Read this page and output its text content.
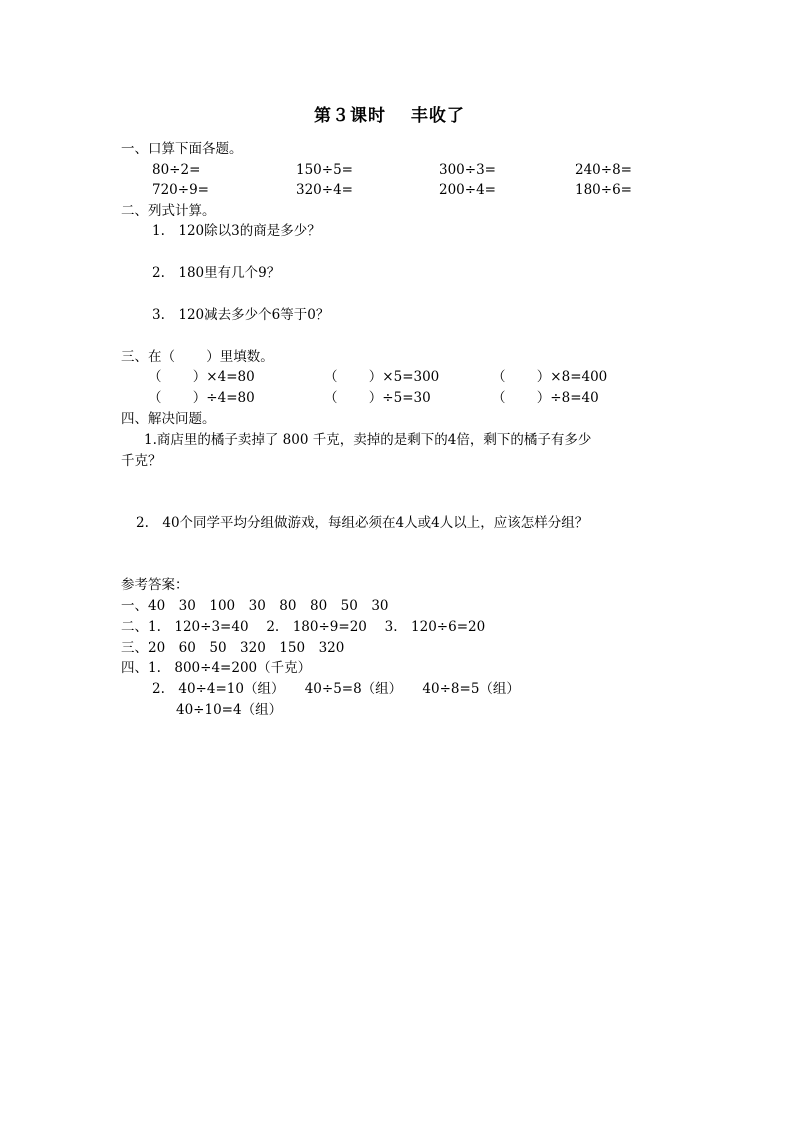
第３课时　 丰收了
一、口算下面各题。
80÷2=	150÷5=	300÷3=	240÷8=
720÷9=	320÷4=	200÷4=	180÷6=
二、列式计算。
1.　120除以3的商是多少？
2.　180里有几个9？
3.　120减去多少个6等于0？
三、在（　　 ）里填数。
（　　 ）×4=80	（　　 ）×5=300	（　　 ）×8=400
（　　 ）÷4=80	（　　 ）÷5=30	（　　 ）÷8=40
四、解决问题。
1.商店里的橘子卖掉了 800 千克，卖掉的是剩下的4倍，剩下的橘子有多少
千克？
2.　40个同学平均分组做游戏，每组必须在4人或4人以上，应该怎样分组？
参考答案：
一、40　30　100　30　80　80　50　30
二、1.　120÷3=40　 2.　180÷9=20　 3.　120÷6=20
三、20　60　50　320　150　320
四、1.　800÷4=200（千克）
2.　40÷4=10（组）　　40÷5=8（组）　　40÷8=5（组）
40÷10=4（组）
